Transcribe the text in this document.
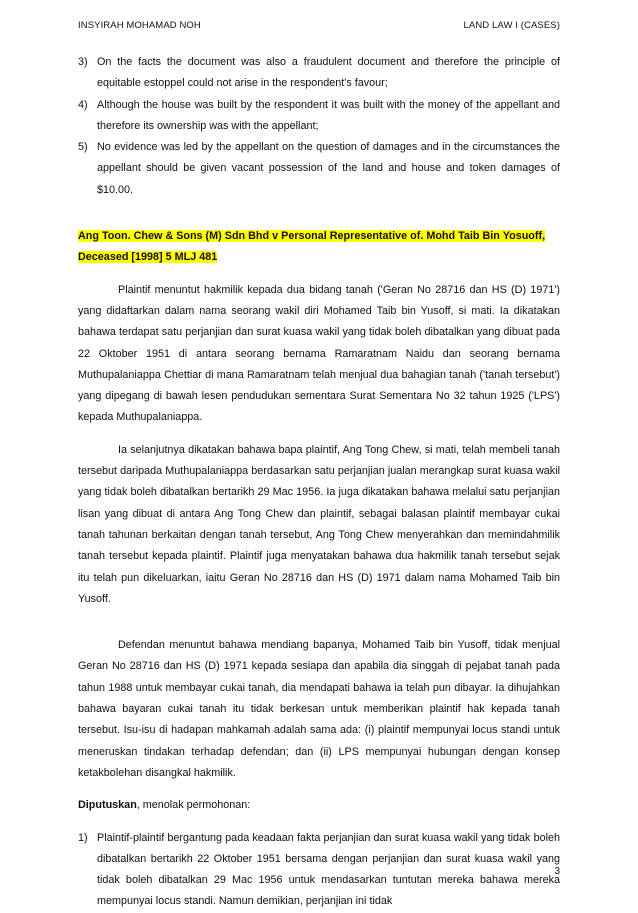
INSYIRAH MOHAMAD NOH	LAND LAW I (CASES)
3) On the facts the document was also a fraudulent document and therefore the principle of equitable estoppel could not arise in the respondent's favour;
4) Although the house was built by the respondent it was built with the money of the appellant and therefore its ownership was with the appellant;
5) No evidence was led by the appellant on the question of damages and in the circumstances the appellant should be given vacant possession of the land and house and token damages of $10.00.
Ang Toon. Chew & Sons (M) Sdn Bhd v Personal Representative of. Mohd Taib Bin Yosuoff,
Deceased [1998] 5 MLJ 481

Plaintif menuntut hakmilik kepada dua bidang tanah ('Geran No 28716 dan HS (D) 1971') yang didaftarkan dalam nama seorang wakil diri Mohamed Taib bin Yusoff, si mati. Ia dikatakan bahawa terdapat satu perjanjian dan surat kuasa wakil yang tidak boleh dibatalkan yang dibuat pada 22 Oktober 1951 di antara seorang bernama Ramaratnam Naidu dan seorang bernama Muthupalaniappa Chettiar di mana Ramaratnam telah menjual dua bahagian tanah ('tanah tersebut') yang dipegang di bawah lesen pendudukan sementara Surat Sementara No 32 tahun 1925 ('LPS') kepada Muthupalaniappa.

Ia selanjutnya dikatakan bahawa bapa plaintif, Ang Tong Chew, si mati, telah membeli tanah tersebut daripada Muthupalaniappa berdasarkan satu perjanjian jualan merangkap surat kuasa wakil yang tidak boleh dibatalkan bertarikh 29 Mac 1956. Ia juga dikatakan bahawa melalui satu perjanjian lisan yang dibuat di antara Ang Tong Chew dan plaintif, sebagai balasan plaintif membayar cukai tanah tahunan berkaitan dengan tanah tersebut, Ang Tong Chew menyerahkan dan memindahmilik tanah tersebut kepada plaintif. Plaintif juga menyatakan bahawa dua hakmilik tanah tersebut sejak itu telah pun dikeluarkan, iaitu Geran No 28716 dan HS (D) 1971 dalam nama Mohamed Taib bin Yusoff.

Defendan menuntut bahawa mendiang bapanya, Mohamed Taib bin Yusoff, tidak menjual Geran No 28716 dan HS (D) 1971 kepada sesiapa dan apabila dia singgah di pejabat tanah pada tahun 1988 untuk membayar cukai tanah, dia mendapati bahawa ia telah pun dibayar. Ia dihujahkan bahawa bayaran cukai tanah itu tidak berkesan untuk memberikan plaintif hak kepada tanah tersebut. Isu-isu di hadapan mahkamah adalah sama ada: (i) plaintif mempunyai locus standi untuk meneruskan tindakan terhadap defendan; dan (ii) LPS mempunyai hubungan dengan konsep ketakbolehan disangkal hakmilik.

Diputuskan, menolak permohonan:
1) Plaintif-plaintif bergantung pada keadaan fakta perjanjian dan surat kuasa wakil yang tidak boleh dibatalkan bertarikh 22 Oktober 1951 bersama dengan perjanjian dan surat kuasa wakil yang tidak boleh dibatalkan 29 Mac 1956 untuk mendasarkan tuntutan mereka bahawa mereka mempunyai locus standi. Namun demikian, perjanjian ini tidak
3
